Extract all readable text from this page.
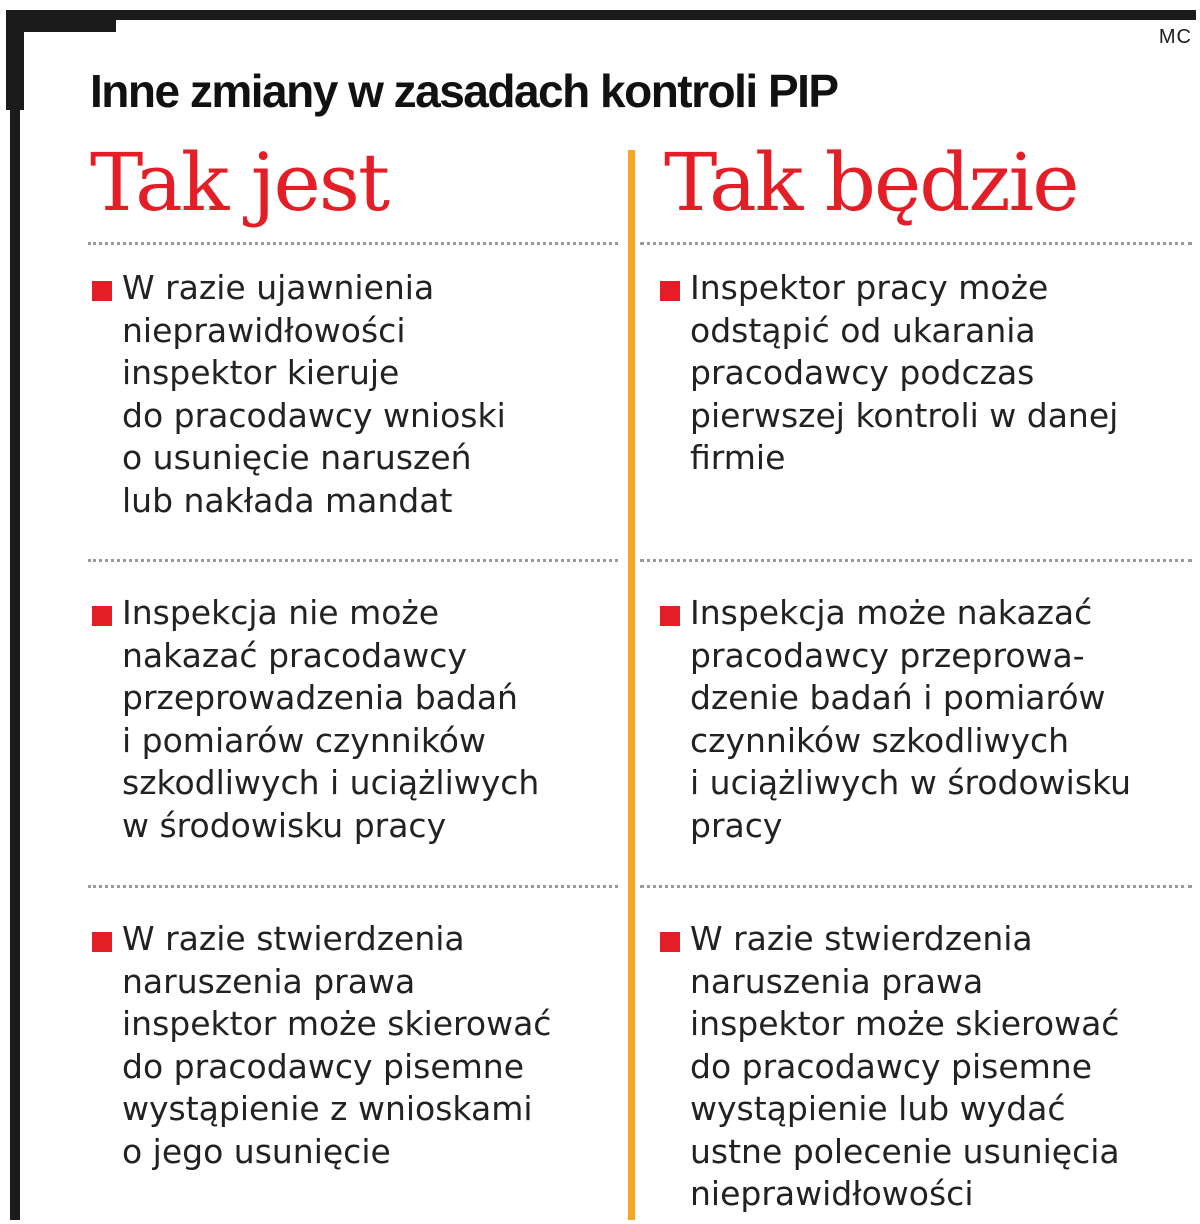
MC
Inne zmiany w zasadach kontroli PIP
Tak jest	Tak będzie
W razie ujawnienia
nieprawidłowości
inspektor kieruje
do pracodawcy wnioski
o usunięcie naruszeń
lub nakłada mandat
Inspekcja nie może
nakazać pracodawcy
przeprowadzenia badań
i pomiarów czynników
szkodliwych i uciążliwych
w środowisku pracy
W razie stwierdzenia
naruszenia prawa
inspektor może skierować
do pracodawcy pisemne
wystąpienie z wnioskami
o jego usunięcie
Inspektor pracy może
odstąpić od ukarania
pracodawcy podczas
pierwszej kontroli w danej
firmie
Inspekcja może nakazać
pracodawcy przeprowa-
dzenie badań i pomiarów
czynników szkodliwych
i uciążliwych w środowisku
pracy
W razie stwierdzenia
naruszenia prawa
inspektor może skierować
do pracodawcy pisemne
wystąpienie lub wydać
ustne polecenie usunięcia
nieprawidłowości
